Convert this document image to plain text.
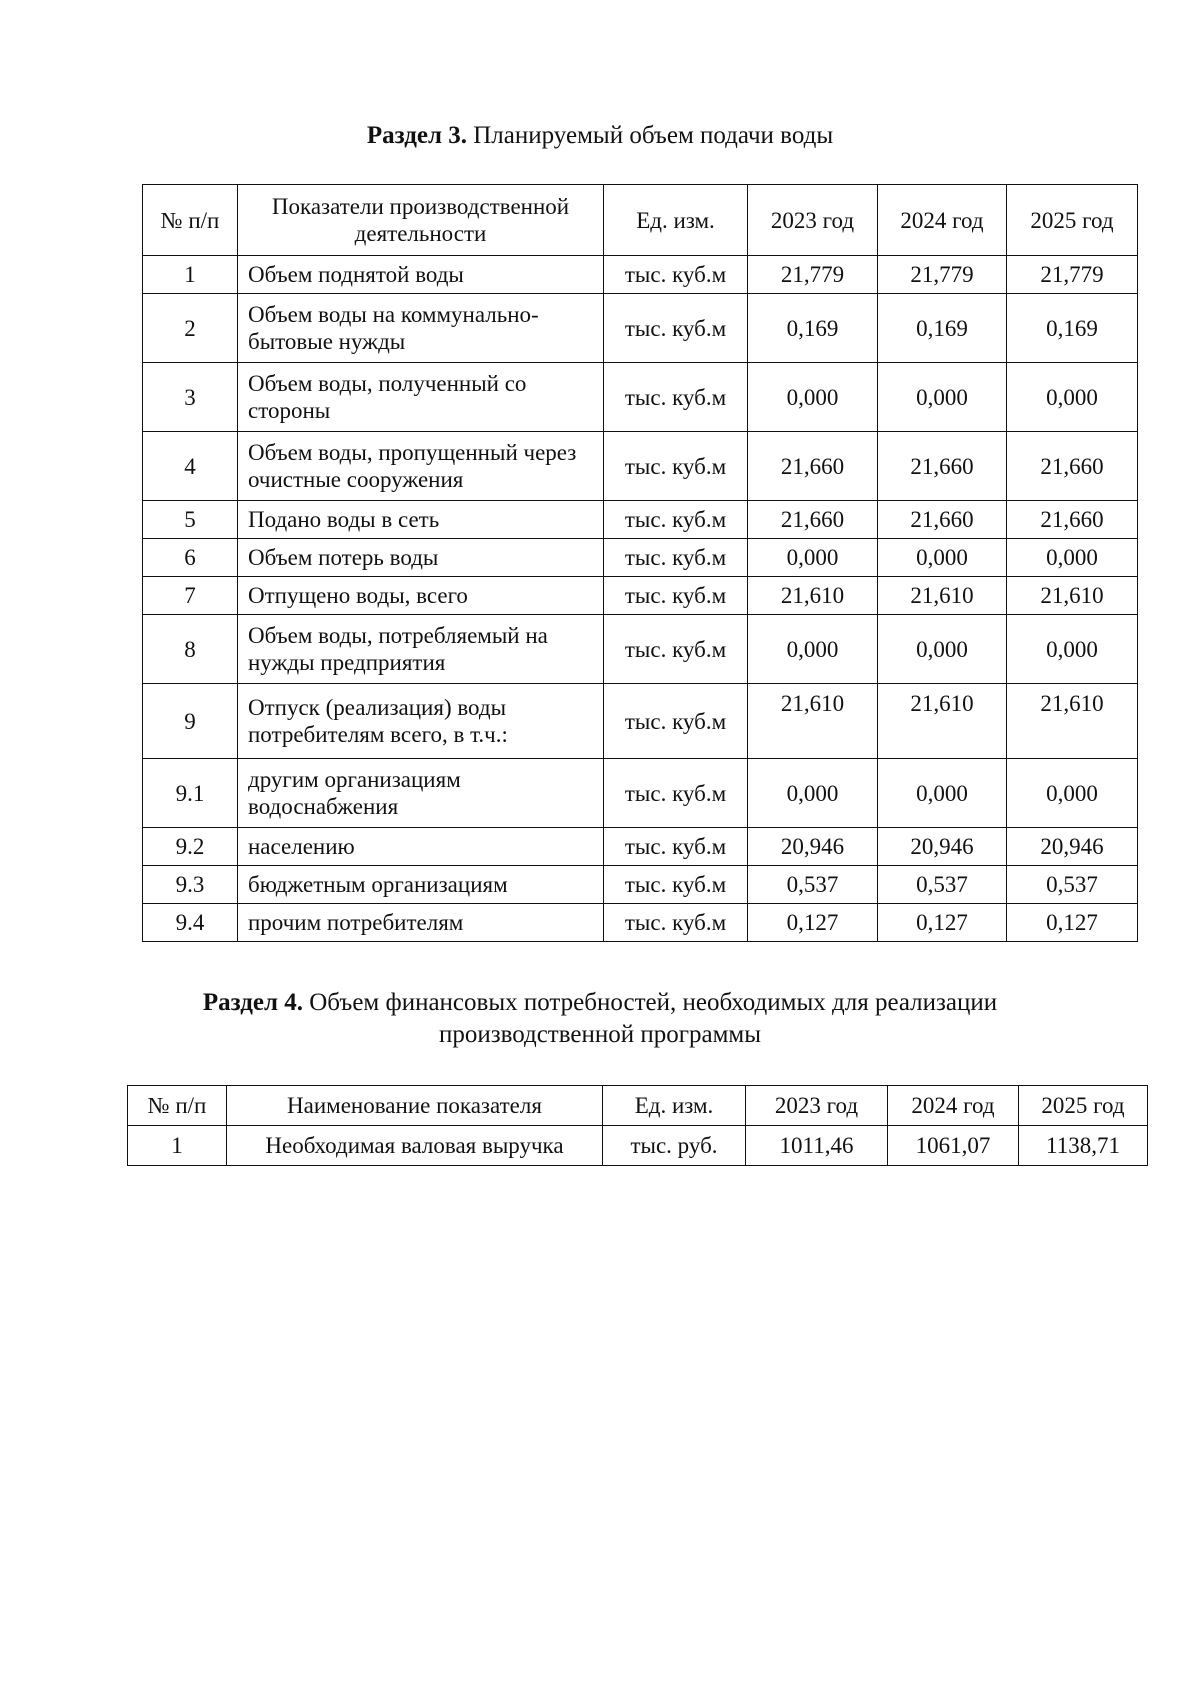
Раздел 3. Планируемый объем подачи воды
№ п/п	Показатели производственной деятельности	Ед. изм.	2023 год	2024 год	2025 год
1	Объем поднятой воды	тыс. куб.м	21,779	21,779	21,779
2	Объем воды на коммунально-бытовые нужды	тыс. куб.м	0,169	0,169	0,169
3	Объем воды, полученный со стороны	тыс. куб.м	0,000	0,000	0,000
4	Объем воды, пропущенный через очистные сооружения	тыс. куб.м	21,660	21,660	21,660
5	Подано воды в сеть	тыс. куб.м	21,660	21,660	21,660
6	Объем потерь воды	тыс. куб.м	0,000	0,000	0,000
7	Отпущено воды, всего	тыс. куб.м	21,610	21,610	21,610
8	Объем воды, потребляемый на нужды предприятия	тыс. куб.м	0,000	0,000	0,000
9	Отпуск (реализация) воды потребителям всего, в т.ч.:	тыс. куб.м	21,610	21,610	21,610
9.1	другим организациям водоснабжения	тыс. куб.м	0,000	0,000	0,000
9.2	населению	тыс. куб.м	20,946	20,946	20,946
9.3	бюджетным организациям	тыс. куб.м	0,537	0,537	0,537
9.4	прочим потребителям	тыс. куб.м	0,127	0,127	0,127
Раздел 4. Объем финансовых потребностей, необходимых для реализации
производственной программы
№ п/п	Наименование показателя	Ед. изм.	2023 год	2024 год	2025 год
1	Необходимая валовая выручка	тыс. руб.	1011,46	1061,07	1138,71
